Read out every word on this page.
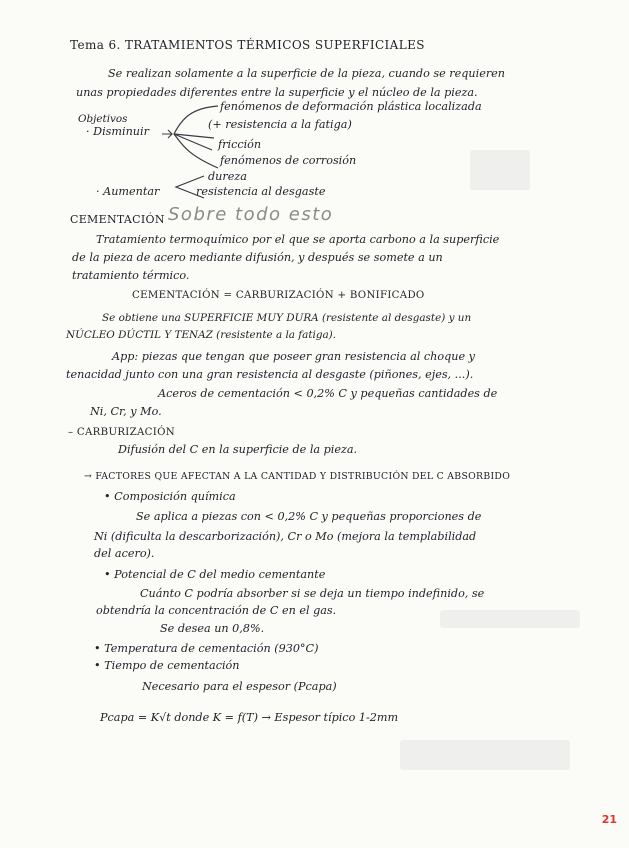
Tema 6. TRATAMIENTOS TÉRMICOS SUPERFICIALES
Se realizan solamente a la superficie de la pieza, cuando se requieren
unas propiedades diferentes entre la superficie y el núcleo de la pieza.
Objetivos
· Disminuir
fenómenos de deformación plástica localizada
(+ resistencia a la fatiga)
fricción
fenómenos de corrosión
· Aumentar
dureza
resistencia al desgaste
CEMENTACIÓN Sobre todo esto
Tratamiento termoquímico por el que se aporta carbono a la superficie
de la pieza de acero mediante difusión, y después se somete a un
tratamiento térmico.
CEMENTACIÓN = CARBURIZACIÓN + BONIFICADO
Se obtiene una SUPERFICIE MUY DURA (resistente al desgaste) y un
NÚCLEO DÚCTIL Y TENAZ (resistente a la fatiga).
App: piezas que tengan que poseer gran resistencia al choque y
tenacidad junto con una gran resistencia al desgaste (piñones, ejes, ...).
Aceros de cementación < 0,2% C y pequeñas cantidades de
Ni, Cr, y Mo.
– CARBURIZACIÓN
Difusión del C en la superficie de la pieza.
→ FACTORES QUE AFECTAN A LA CANTIDAD Y DISTRIBUCIÓN DEL C ABSORBIDO
• Composición química
Se aplica a piezas con < 0,2% C y pequeñas proporciones de
Ni (dificulta la descarborización), Cr o Mo (mejora la templabilidad
del acero).
• Potencial de C del medio cementante
Cuánto C podría absorber si se deja un tiempo indefinido, se
obtendría la concentración de C en el gas.
Se desea un 0,8%.
• Temperatura de cementación (930°C)
• Tiempo de cementación
Necesario para el espesor (Pcapa)
Pcapa = K√t donde K = f(T) → Espesor típico 1-2mm
21
